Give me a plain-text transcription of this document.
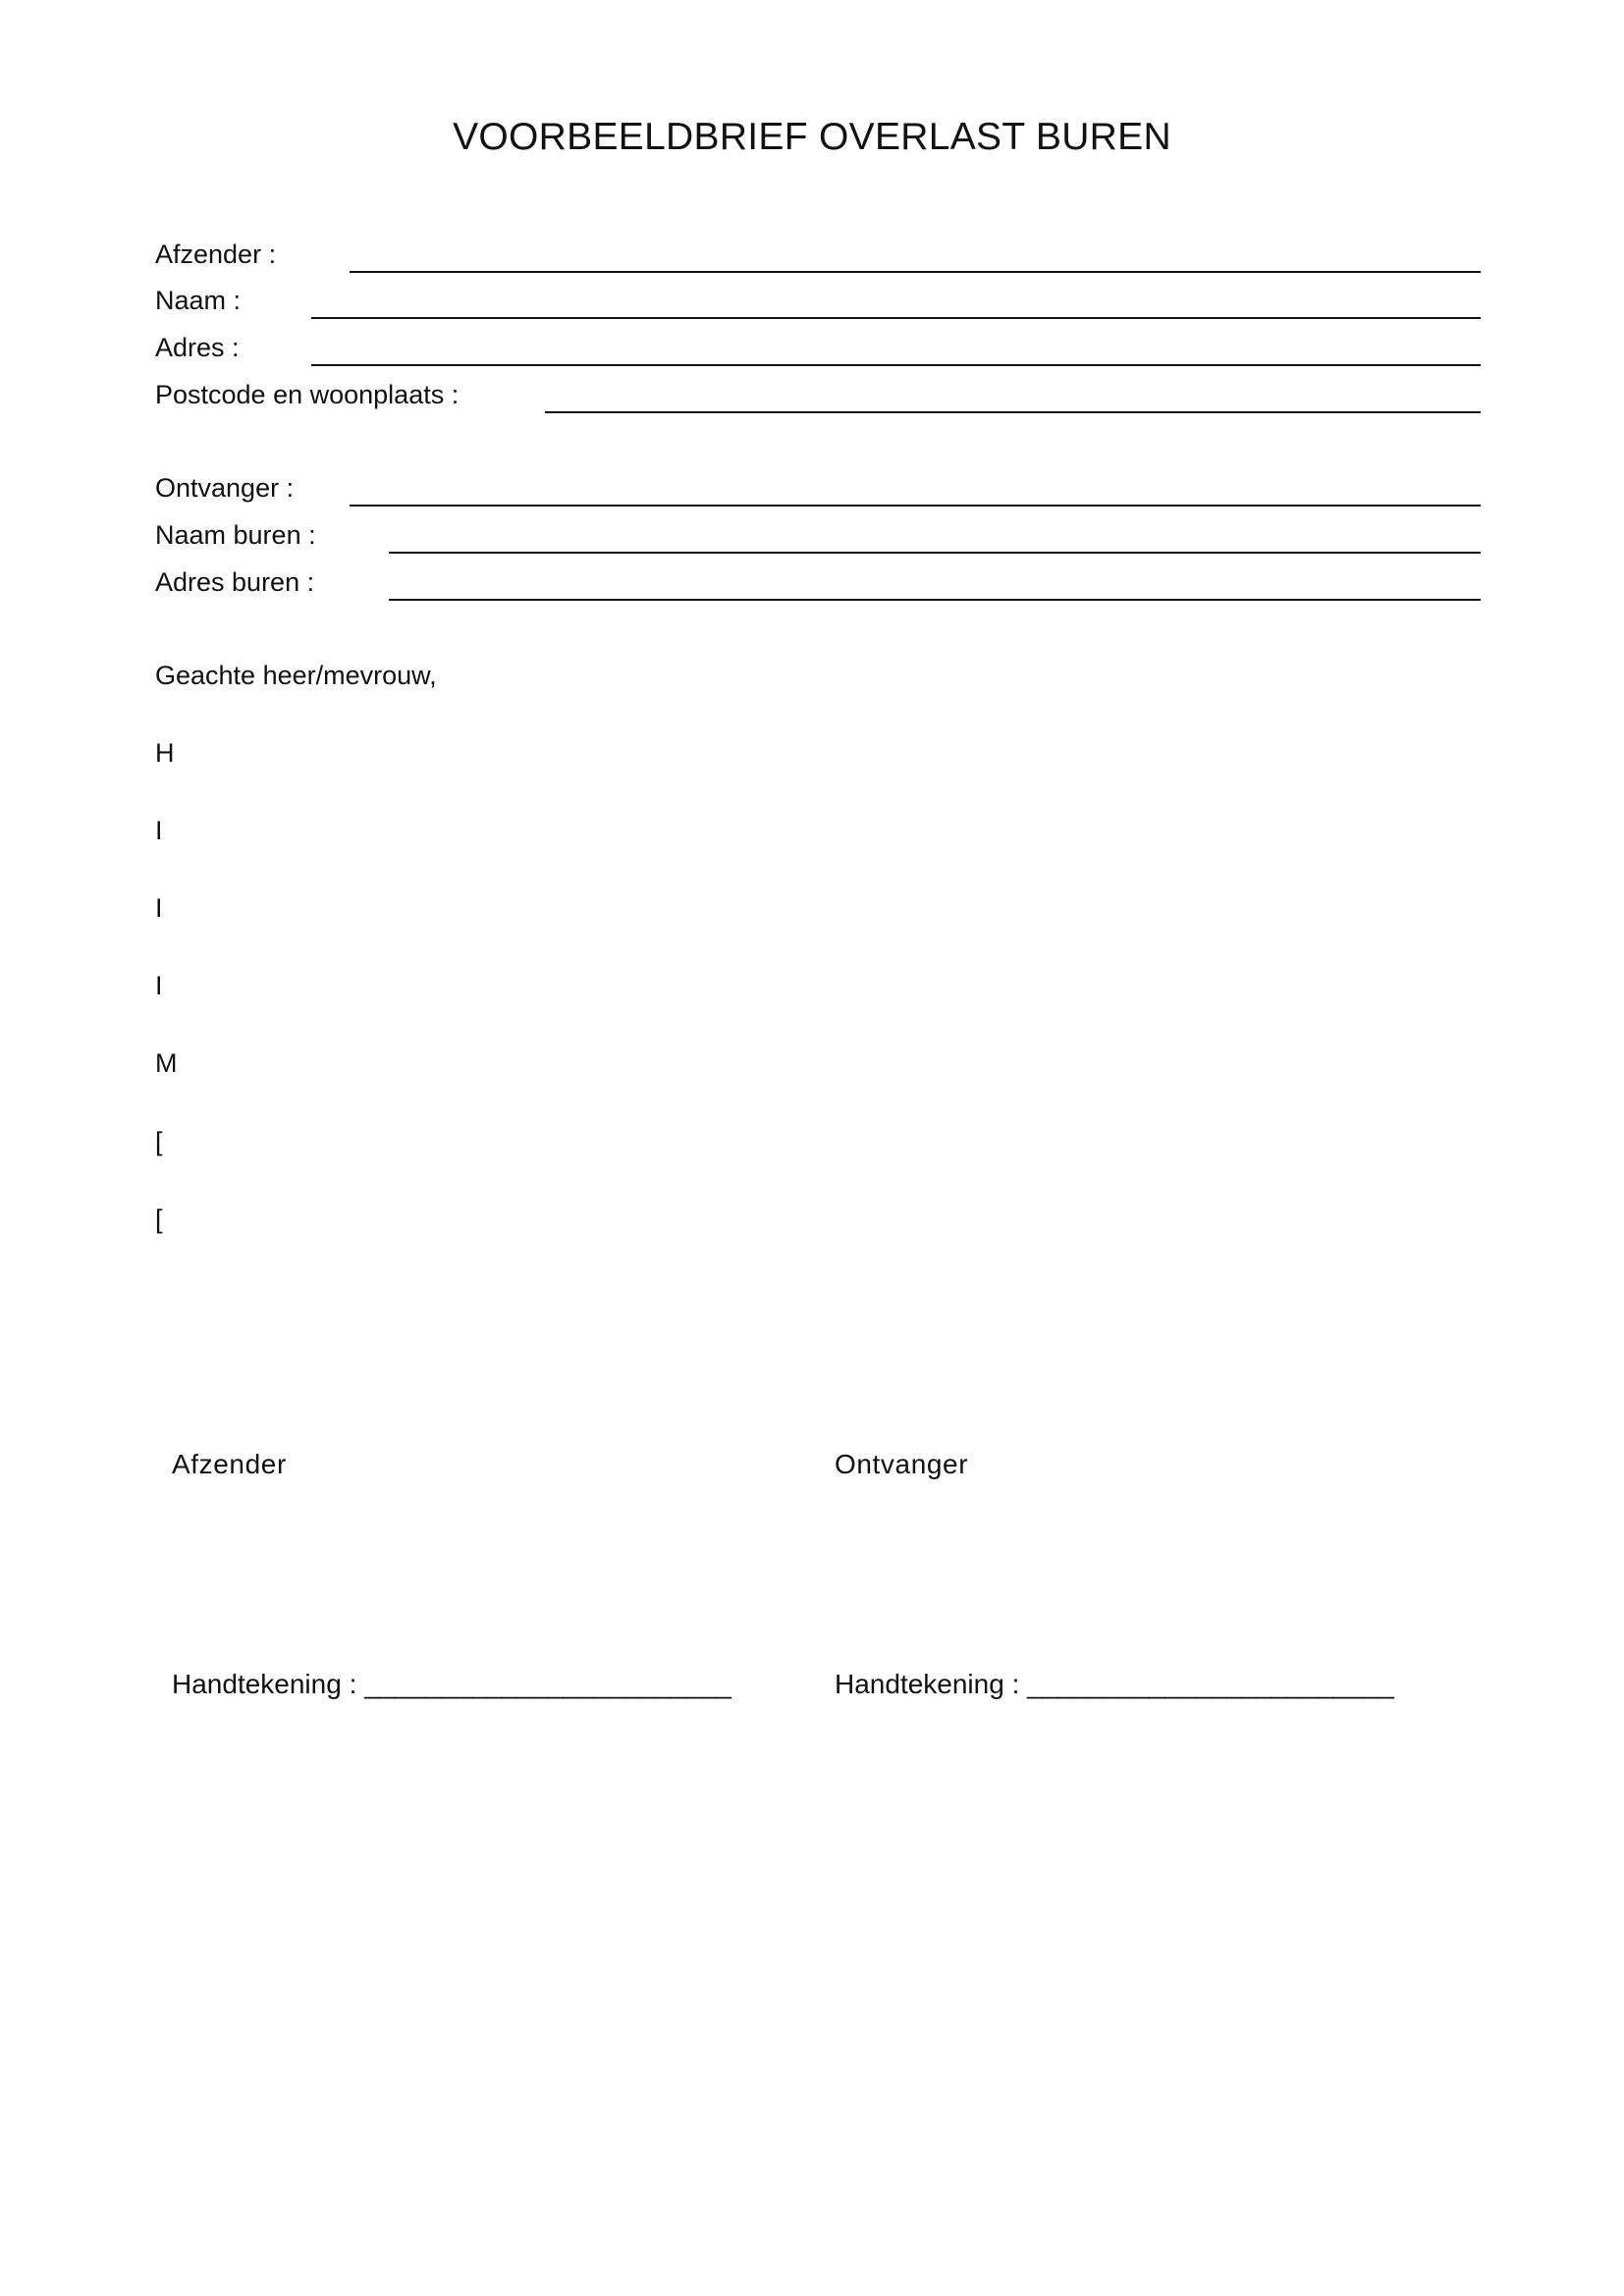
VOORBEELDBRIEF OVERLAST BUREN
Afzender :
Naam :
Adres :
Postcode en woonplaats :
Ontvanger :
Naam buren :
Adres buren :
Geachte heer/mevrouw,
H
I
I
I
M
[
[
Afzender	Ontvanger
Handtekening : ________________________	Handtekening : ________________________
